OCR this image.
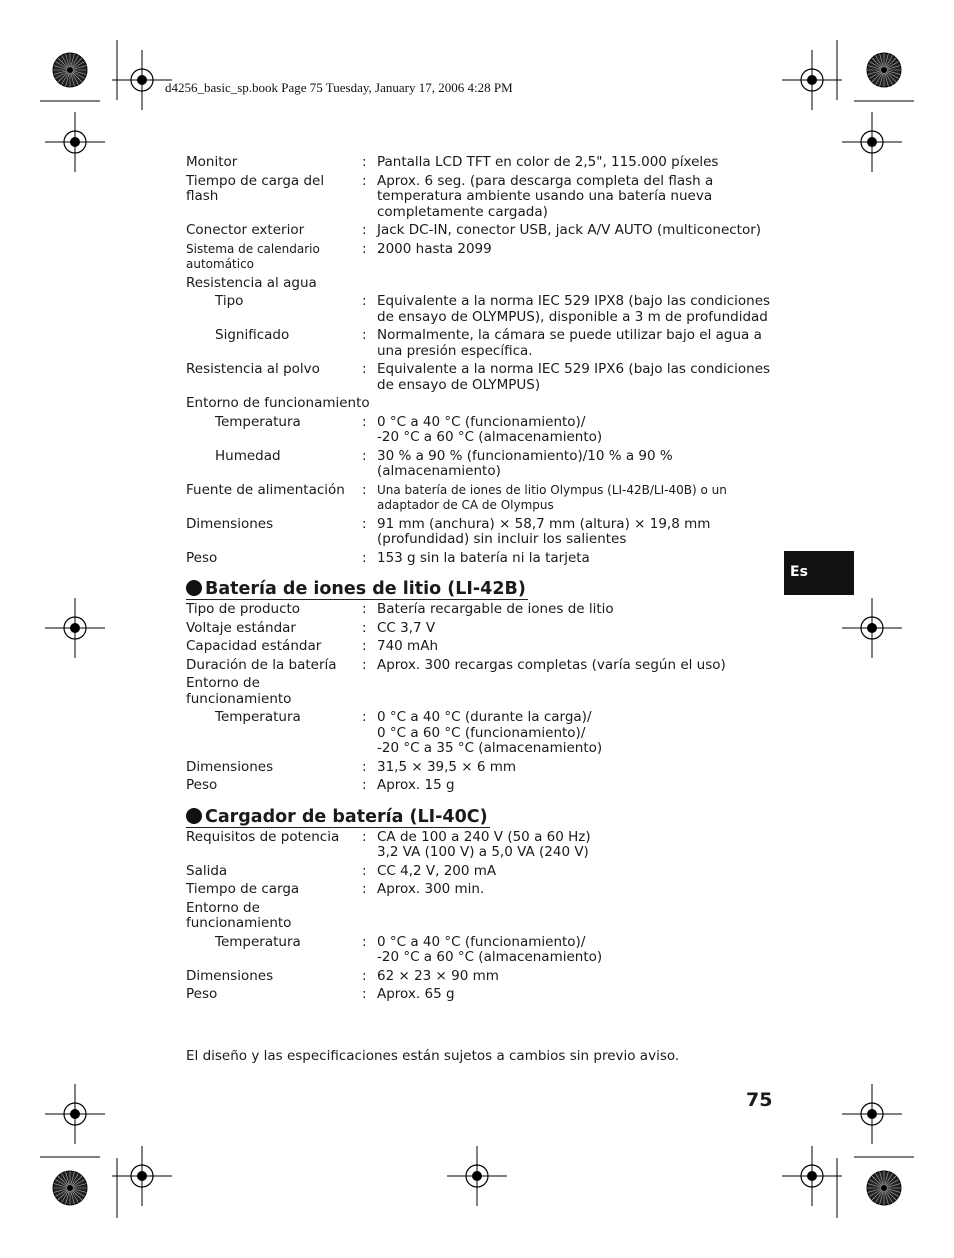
d4256_basic_sp.book Page 75 Tuesday, January 17, 2006 4:28 PM
Monitor	: Pantalla LCD TFT en color de 2,5", 115.000 píxeles
Tiempo de carga del flash
: Aprox. 6 seg. (para descarga completa del flash a
temperatura ambiente usando una batería nueva
completamente cargada)
Conector exterior	: Jack DC-IN, conector USB, jack A/V AUTO (multiconector)
Sistema de calendario automático
: 2000 hasta 2099
Resistencia al agua
Tipo	: Equivalente a la norma IEC 529 IPX8 (bajo las condiciones
de ensayo de OLYMPUS), disponible a 3 m de profundidad
Significado	: Normalmente, la cámara se puede utilizar bajo el agua a
una presión específica.
Resistencia al polvo	: Equivalente a la norma IEC 529 IPX6 (bajo las condiciones
de ensayo de OLYMPUS)
Entorno de funcionamiento
Temperatura	: 0 °C a 40 °C (funcionamiento)/
-20 °C a 60 °C (almacenamiento)
Humedad	: 30 % a 90 % (funcionamiento)/10 % a 90 %
(almacenamiento)
Fuente de alimentación : Una batería de iones de litio Olympus (LI-42B/LI-40B) o un
adaptador de CA de Olympus
Dimensiones	: 91 mm (anchura) × 58,7 mm (altura) × 19,8 mm
(profundidad) sin incluir los salientes
Peso	: 153 g sin la batería ni la tarjeta
Batería de iones de litio (LI-42B)
Tipo de producto	: Batería recargable de iones de litio
Voltaje estándar	: CC 3,7 V
Capacidad estándar	: 740 mAh
Duración de la batería	: Aprox. 300 recargas completas (varía según el uso)
Entorno de funcionamiento
Temperatura	: 0 °C a 40 °C (durante la carga)/
0 °C a 60 °C (funcionamiento)/
-20 °C a 35 °C (almacenamiento)
Dimensiones	: 31,5 × 39,5 × 6 mm
Peso	: Aprox. 15 g
Cargador de batería (LI-40C)
Requisitos de potencia	: CA de 100 a 240 V (50 a 60 Hz)
3,2 VA (100 V) a 5,0 VA (240 V)
Salida	: CC 4,2 V, 200 mA
Tiempo de carga	: Aprox. 300 min.
Entorno de funcionamiento
Temperatura	: 0 °C a 40 °C (funcionamiento)/
-20 °C a 60 °C (almacenamiento)
Dimensiones	: 62 × 23 × 90 mm
Peso	: Aprox. 65 g
El diseño y las especificaciones están sujetos a cambios sin previo aviso.
Es
75
